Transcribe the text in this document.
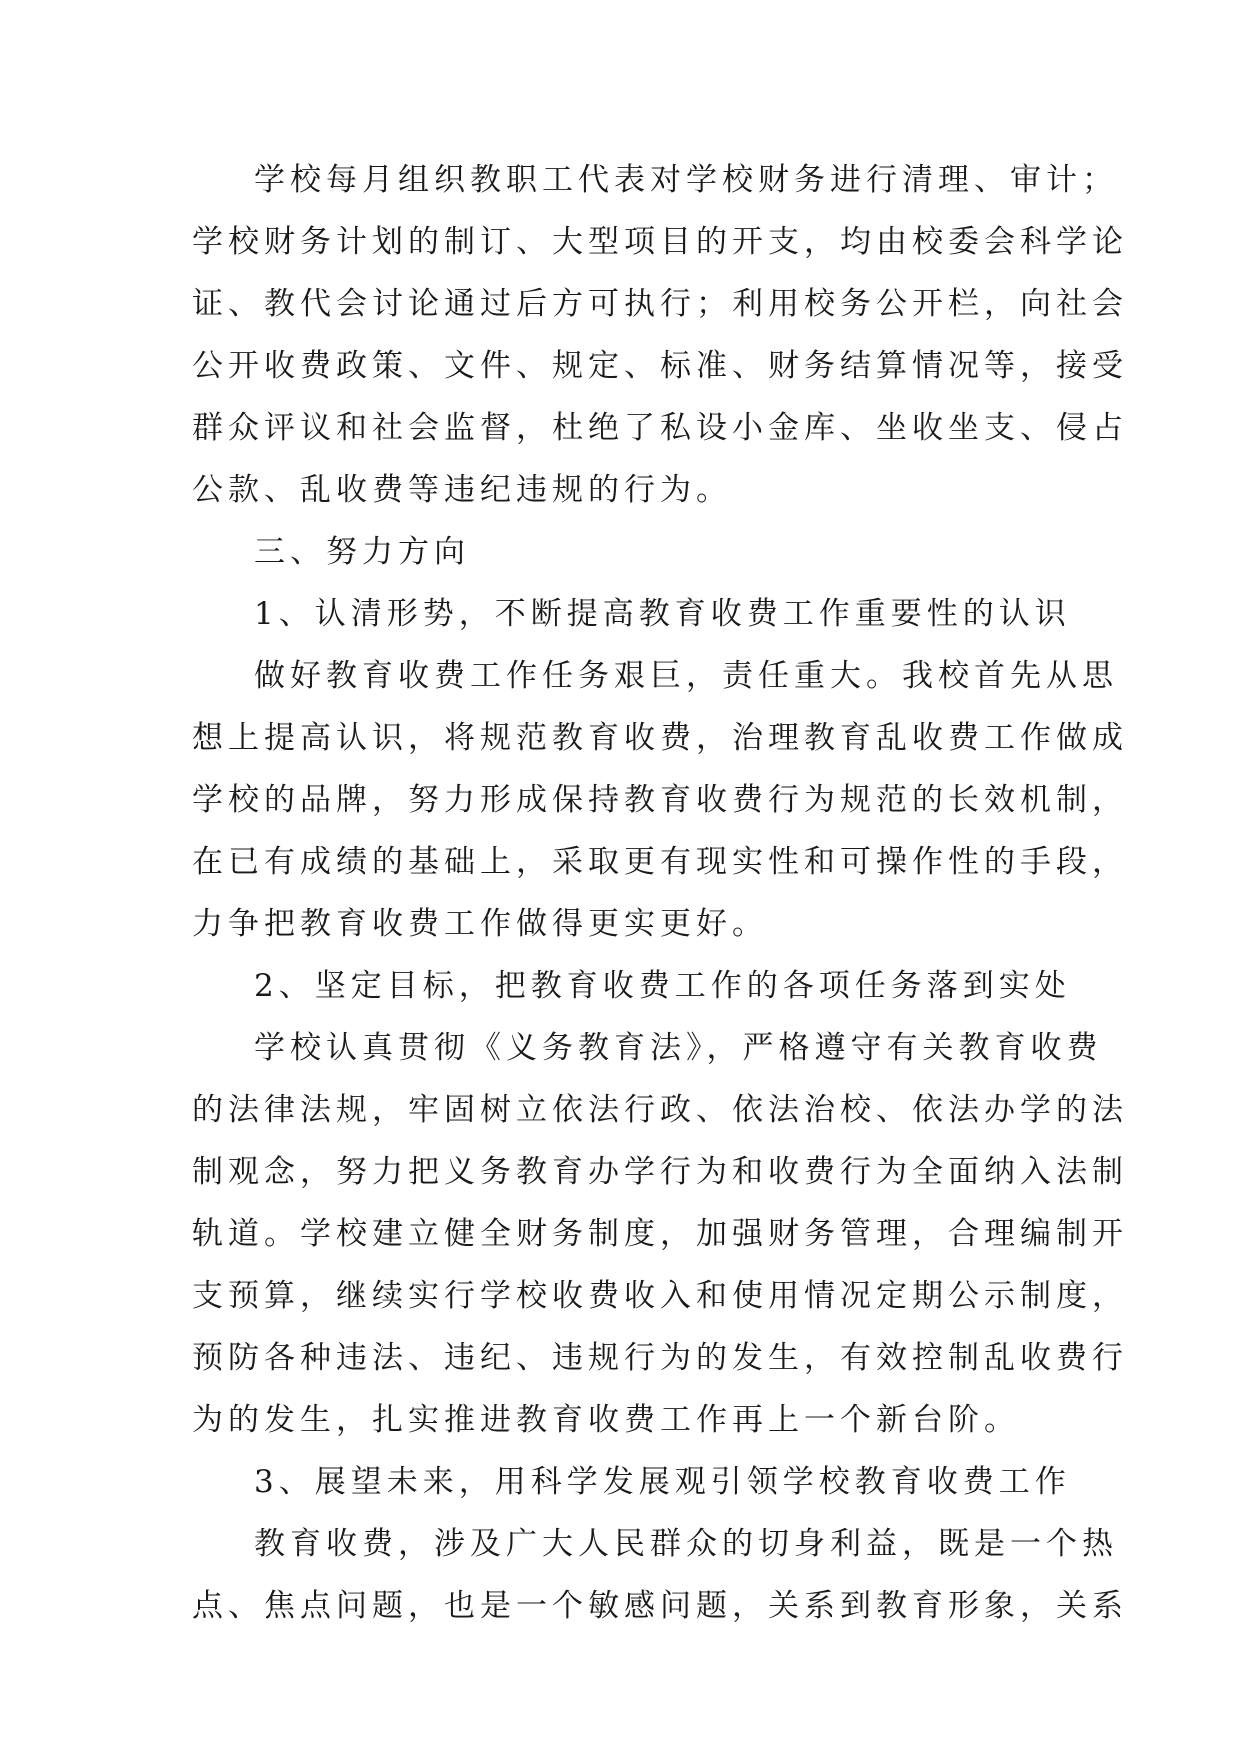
学校每月组织教职工代表对学校财务进行清理、审计；
学校财务计划的制订、大型项目的开支，均由校委会科学论
证、教代会讨论通过后方可执行；利用校务公开栏，向社会
公开收费政策、文件、规定、标准、财务结算情况等，接受
群众评议和社会监督，杜绝了私设小金库、坐收坐支、侵占
公款、乱收费等违纪违规的行为。
三、努力方向
1、认清形势，不断提高教育收费工作重要性的认识
做好教育收费工作任务艰巨，责任重大。我校首先从思
想上提高认识，将规范教育收费，治理教育乱收费工作做成
学校的品牌，努力形成保持教育收费行为规范的长效机制，
在已有成绩的基础上，采取更有现实性和可操作性的手段，
力争把教育收费工作做得更实更好。
2、坚定目标，把教育收费工作的各项任务落到实处
学校认真贯彻《义务教育法》，严格遵守有关教育收费
的法律法规，牢固树立依法行政、依法治校、依法办学的法
制观念，努力把义务教育办学行为和收费行为全面纳入法制
轨道。学校建立健全财务制度，加强财务管理，合理编制开
支预算，继续实行学校收费收入和使用情况定期公示制度，
预防各种违法、违纪、违规行为的发生，有效控制乱收费行
为的发生，扎实推进教育收费工作再上一个新台阶。
3、展望未来，用科学发展观引领学校教育收费工作
教育收费，涉及广大人民群众的切身利益，既是一个热
点、焦点问题，也是一个敏感问题，关系到教育形象，关系
